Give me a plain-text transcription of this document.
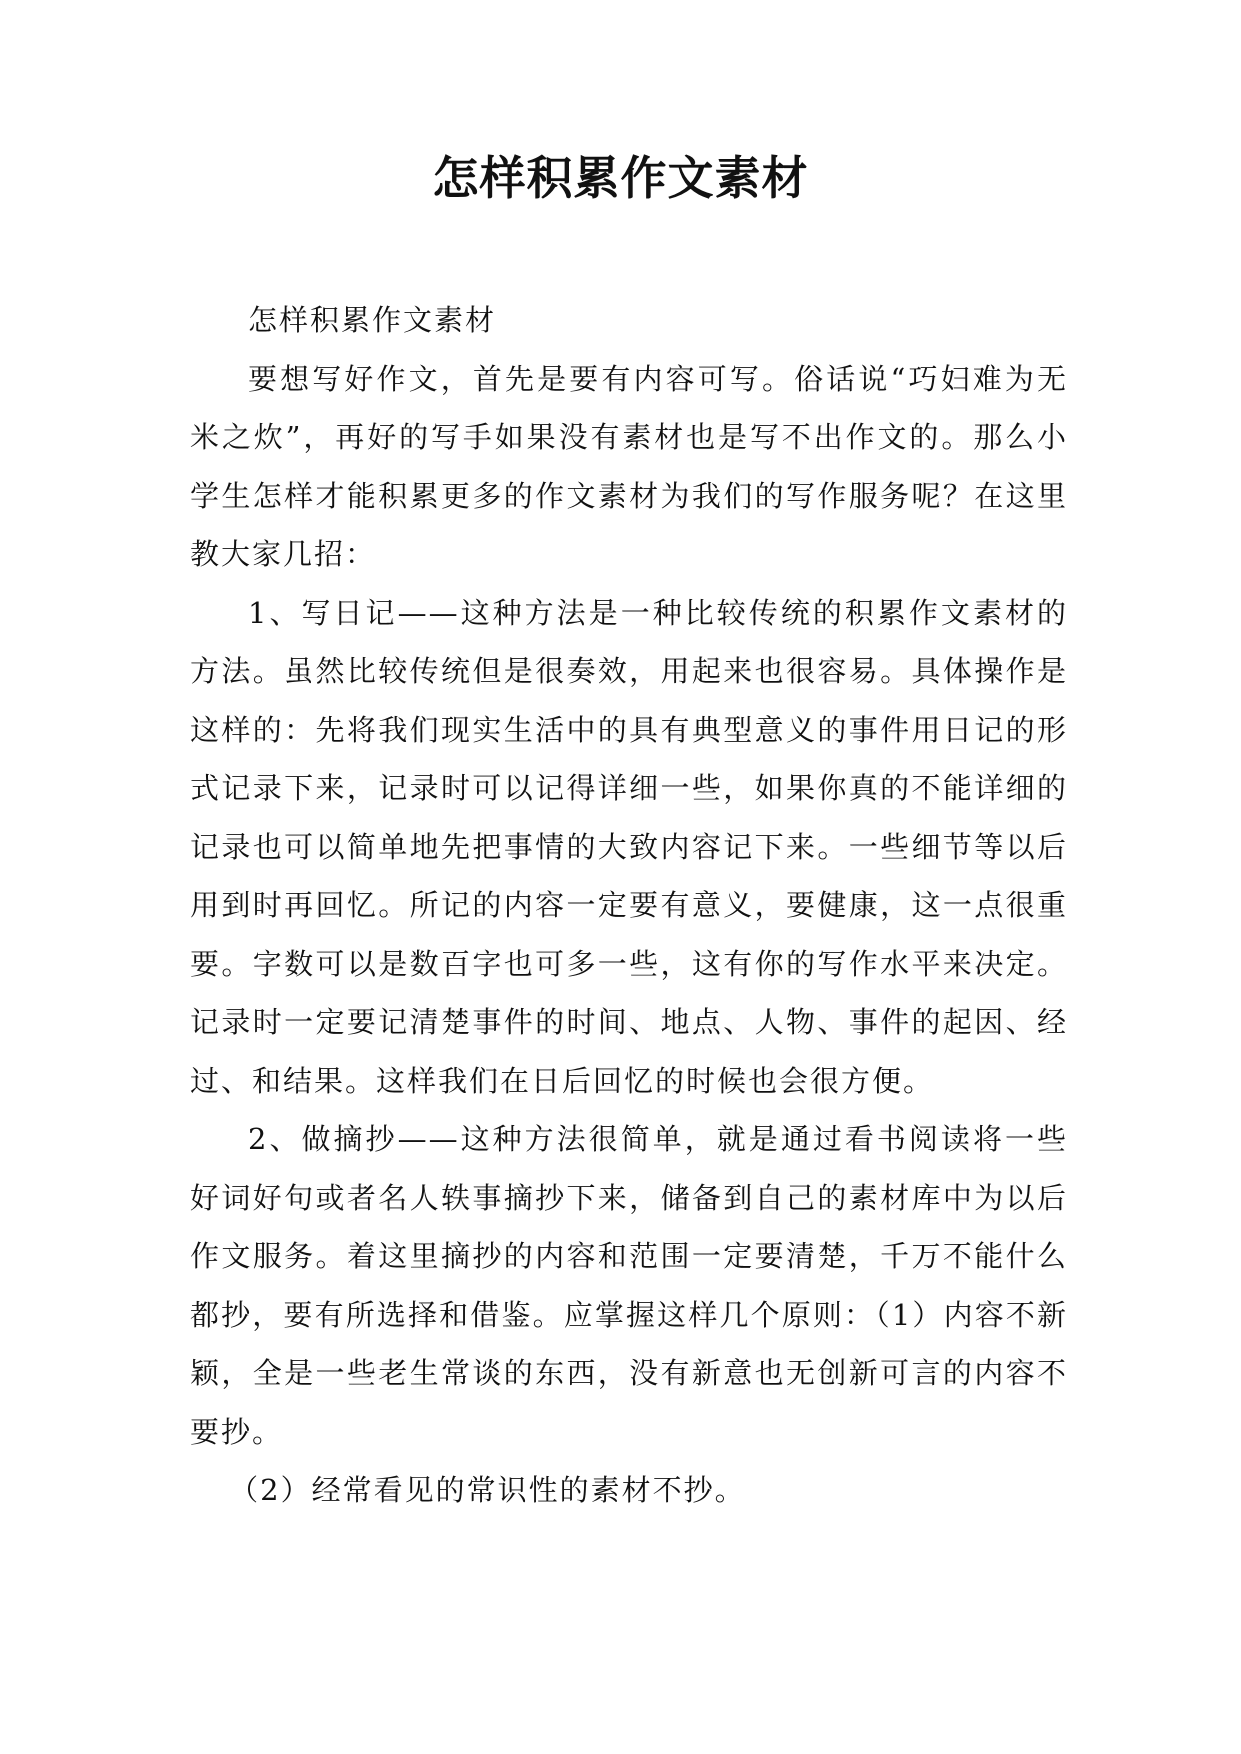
怎样积累作文素材

怎样积累作文素材

要想写好作文，首先是要有内容可写。俗话说“巧妇难为无米之炊”，再好的写手如果没有素材也是写不出作文的。那么小学生怎样才能积累更多的作文素材为我们的写作服务呢？在这里教大家几招：

1、写日记——这种方法是一种比较传统的积累作文素材的方法。虽然比较传统但是很奏效，用起来也很容易。具体操作是这样的：先将我们现实生活中的具有典型意义的事件用日记的形式记录下来，记录时可以记得详细一些，如果你真的不能详细的记录也可以简单地先把事情的大致内容记下来。一些细节等以后用到时再回忆。所记的内容一定要有意义，要健康，这一点很重要。字数可以是数百字也可多一些，这有你的写作水平来决定。记录时一定要记清楚事件的时间、地点、人物、事件的起因、经过、和结果。这样我们在日后回忆的时候也会很方便。

2、做摘抄——这种方法很简单，就是通过看书阅读将一些好词好句或者名人轶事摘抄下来，储备到自己的素材库中为以后作文服务。着这里摘抄的内容和范围一定要清楚，千万不能什么都抄，要有所选择和借鉴。应掌握这样几个原则：（1）内容不新颖，全是一些老生常谈的东西，没有新意也无创新可言的内容不要抄。

（2）经常看见的常识性的素材不抄。
